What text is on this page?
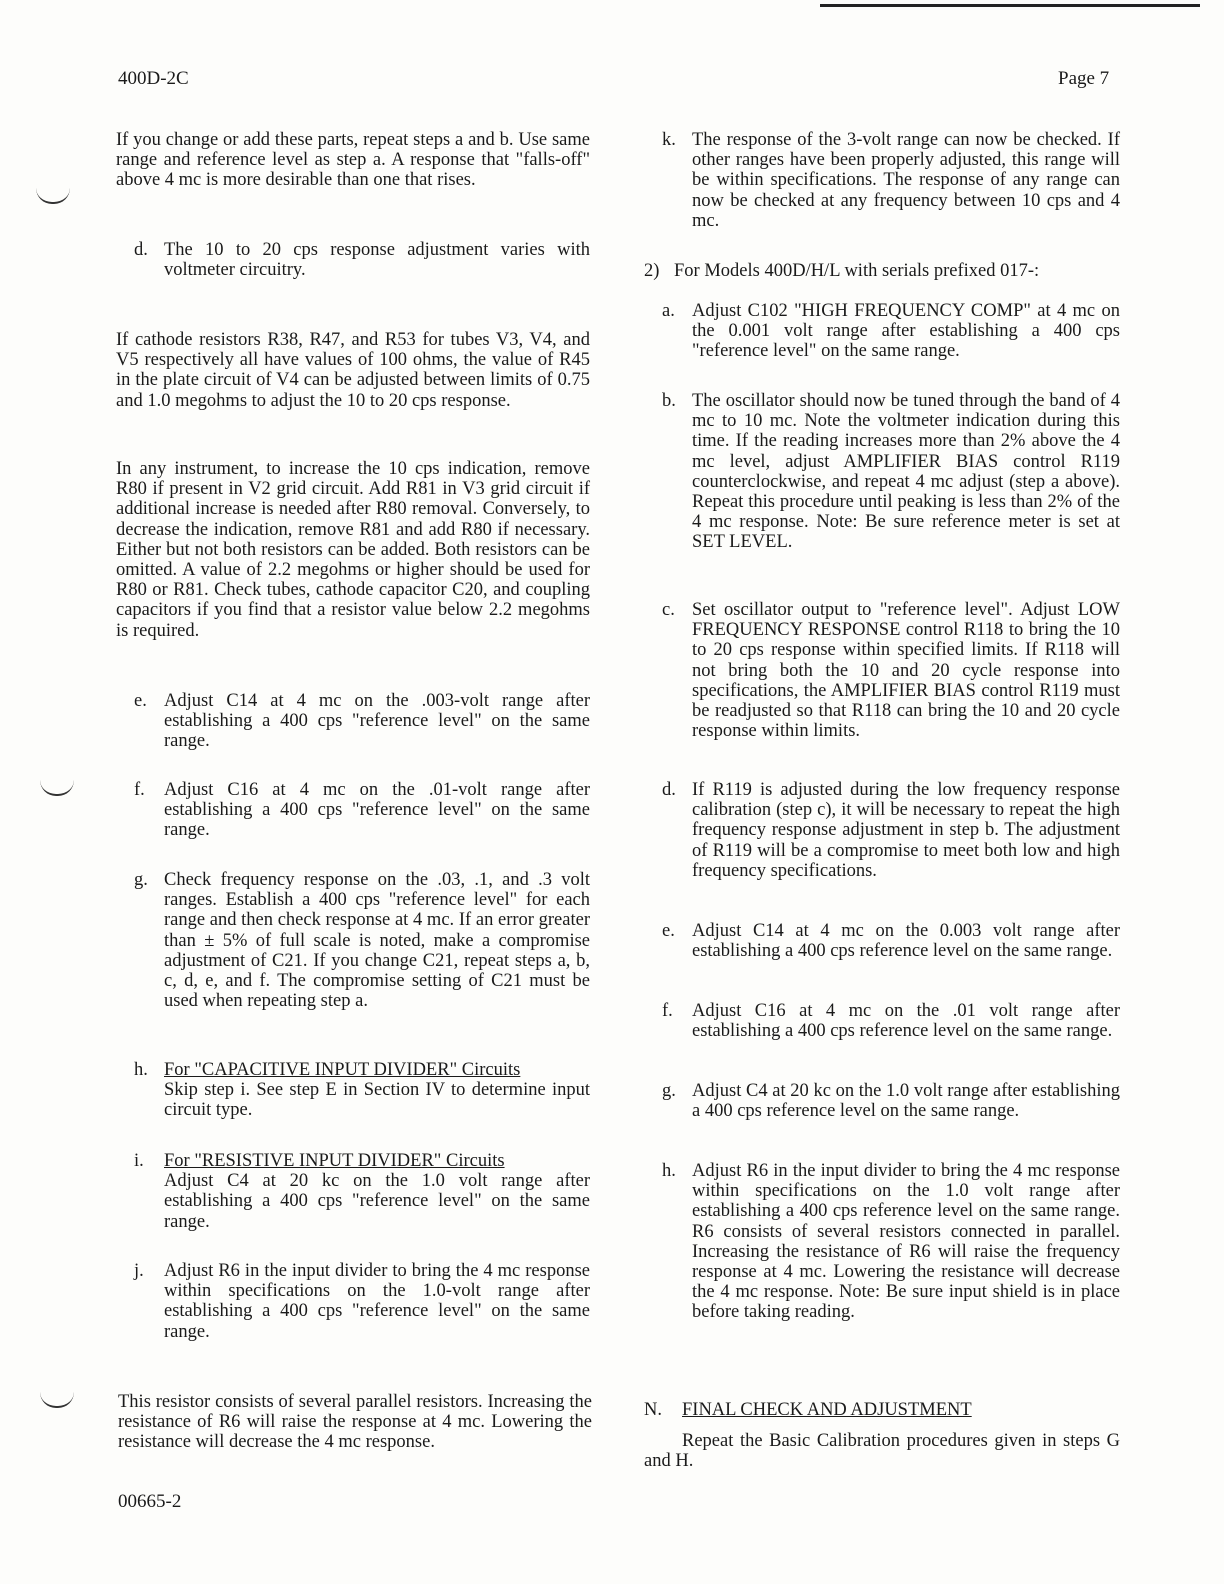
400D-2C	Page 7
If you change or add these parts, repeat steps a and b. Use same range and reference level as step a. A response that "falls-off" above 4 mc is more desirable than one that rises.
d. The 10 to 20 cps response adjustment varies with voltmeter circuitry.
If cathode resistors R38, R47, and R53 for tubes V3, V4, and V5 respectively all have values of 100 ohms, the value of R45 in the plate circuit of V4 can be adjusted between limits of 0.75 and 1.0 megohms to adjust the 10 to 20 cps response.
In any instrument, to increase the 10 cps indication, remove R80 if present in V2 grid circuit. Add R81 in V3 grid circuit if additional increase is needed after R80 removal. Conversely, to decrease the indication, remove R81 and add R80 if necessary. Either but not both resistors can be added. Both resistors can be omitted. A value of 2.2 megohms or higher should be used for R80 or R81. Check tubes, cathode capacitor C20, and coupling capacitors if you find that a resistor value below 2.2 megohms is required.
e. Adjust C14 at 4 mc on the .003-volt range after establishing a 400 cps "reference level" on the same range.
f.	Adjust C16 at 4 mc on the .01-volt range after establishing a 400 cps "reference level" on the same range.
g. Check frequency response on the .03, .1, and .3 volt ranges. Establish a 400 cps "reference level" for each range and then check response at 4 mc. If an error greater than ± 5% of full scale is noted, make a compromise adjustment of C21. If you change C21, repeat steps a, b, c, d, e, and f. The compromise setting of C21 must be used when repeating step a.
h. For "CAPACITIVE INPUT DIVIDER" Circuits
Skip step i. See step E in Section IV to determine input circuit type.
i.	For "RESISTIVE INPUT DIVIDER" Circuits
Adjust C4 at 20 kc on the 1.0 volt range after establishing a 400 cps "reference level" on the same range.
j.	Adjust R6 in the input divider to bring the 4 mc response within specifications on the 1.0-volt range after establishing a 400 cps "reference level" on the same range.
This resistor consists of several parallel resistors. Increasing the resistance of R6 will raise the response at 4 mc. Lowering the resistance will decrease the 4 mc response.
k. The response of the 3-volt range can now be checked. If other ranges have been properly adjusted, this range will be within specifications. The response of any range can now be checked at any frequency between 10 cps and 4 mc.
2) For Models 400D/H/L with serials prefixed 017-:
a. Adjust C102 "HIGH FREQUENCY COMP" at 4 mc on the 0.001 volt range after establishing a 400 cps "reference level" on the same range.
b. The oscillator should now be tuned through the band of 4 mc to 10 mc. Note the voltmeter indication during this time. If the reading increases more than 2% above the 4 mc level, adjust AMPLIFIER BIAS control R119 counterclockwise, and repeat 4 mc adjust (step a above). Repeat this procedure until peaking is less than 2% of the 4 mc response. Note: Be sure reference meter is set at SET LEVEL.
c. Set oscillator output to "reference level". Adjust LOW FREQUENCY RESPONSE control R118 to bring the 10 to 20 cps response within specified limits. If R118 will not bring both the 10 and 20 cycle response into specifications, the AMPLIFIER BIAS control R119 must be readjusted so that R118 can bring the 10 and 20 cycle response within limits.
d. If R119 is adjusted during the low frequency response calibration (step c), it will be necessary to repeat the high frequency response adjustment in step b. The adjustment of R119 will be a compromise to meet both low and high frequency specifications.
e. Adjust C14 at 4 mc on the 0.003 volt range after establishing a 400 cps reference level on the same range.
f.	Adjust C16 at 4 mc on the .01 volt range after establishing a 400 cps reference level on the same range.
g. Adjust C4 at 20 kc on the 1.0 volt range after establishing a 400 cps reference level on the same range.
h. Adjust R6 in the input divider to bring the 4 mc response within specifications on the 1.0 volt range after establishing a 400 cps reference level on the same range. R6 consists of several resistors connected in parallel. Increasing the resistance of R6 will raise the frequency response at 4 mc. Lowering the resistance will decrease the 4 mc response. Note: Be sure input shield is in place before taking reading.
N.	FINAL CHECK AND ADJUSTMENT
Repeat the Basic Calibration procedures given in steps G and H.
00665-2
